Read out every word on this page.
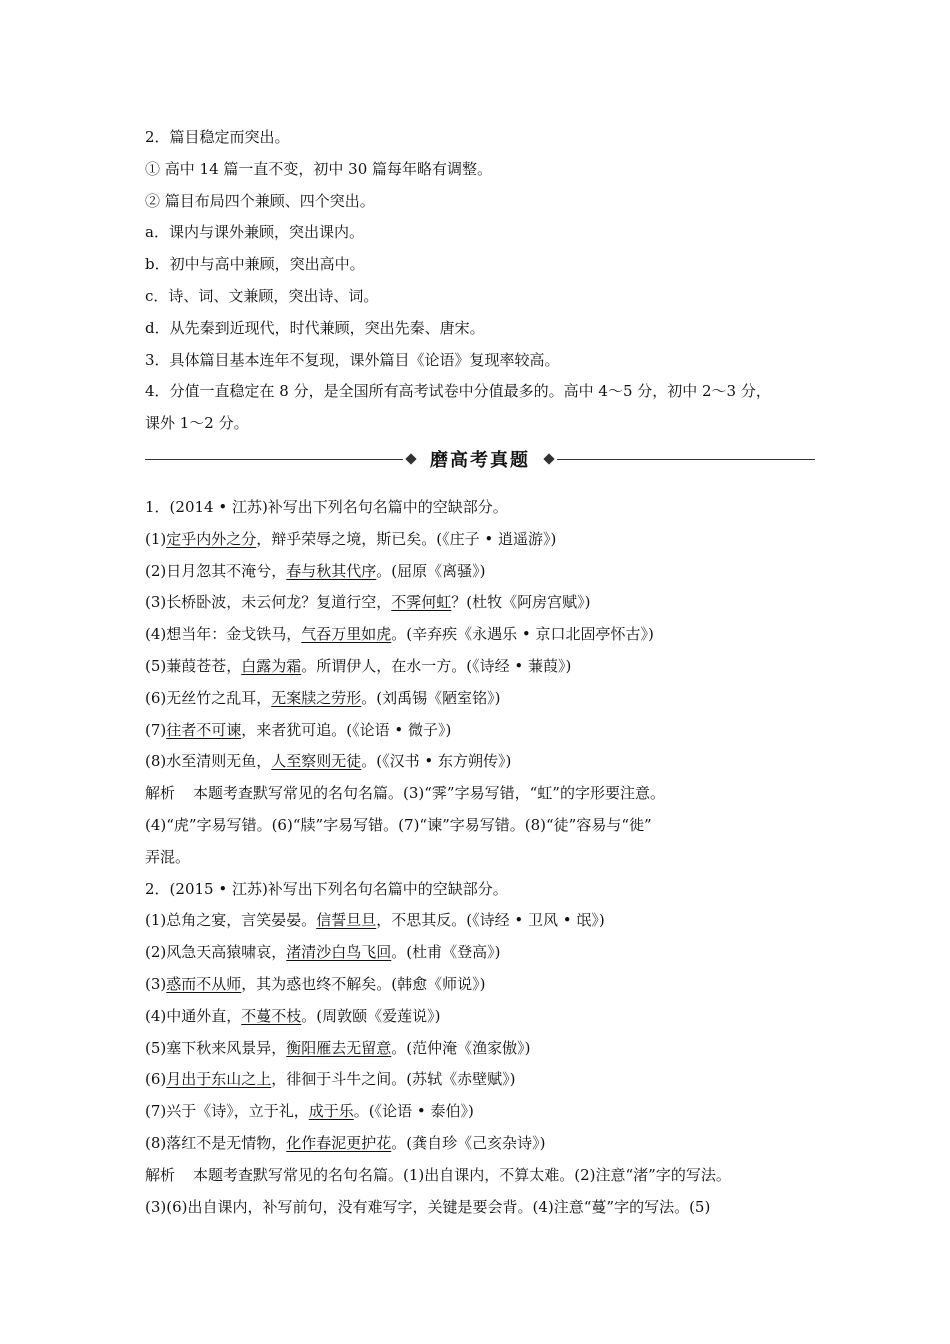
2．篇目稳定而突出。
① 高中 14 篇一直不变，初中 30 篇每年略有调整。
② 篇目布局四个兼顾、四个突出。
a．课内与课外兼顾，突出课内。
b．初中与高中兼顾，突出高中。
c．诗、词、文兼顾，突出诗、词。
d．从先秦到近现代，时代兼顾，突出先秦、唐宋。
3．具体篇目基本连年不复现，课外篇目《论语》复现率较高。
4．分值一直稳定在 8 分，是全国所有高考试卷中分值最多的。高中 4～5 分，初中 2～3 分，
课外 1～2 分。
磨高考真题
1．(2014 • 江苏)补写出下列名句名篇中的空缺部分。
(1)定乎内外之分，辩乎荣辱之境，斯已矣。(《庄子 • 逍遥游》)
(2)日月忽其不淹兮，春与秋其代序。(屈原《离骚》)
(3)长桥卧波，未云何龙？复道行空，不霁何虹？(杜牧《阿房宫赋》)
(4)想当年：金戈铁马，气吞万里如虎。(辛弃疾《永遇乐 • 京口北固亭怀古》)
(5)蒹葭苍苍，白露为霜。所谓伊人，在水一方。(《诗经 • 蒹葭》)
(6)无丝竹之乱耳，无案牍之劳形。(刘禹锡《陋室铭》)
(7)往者不可谏，来者犹可追。(《论语 • 微子》)
(8)水至清则无鱼，人至察则无徒。(《汉书 • 东方朔传》)
解析 本题考查默写常见的名句名篇。(3)“霁”字易写错，“虹”的字形要注意。
(4)“虎”字易写错。(6)“牍”字易写错。(7)“谏”字易写错。(8)“徒”容易与“徙”
弄混。
2．(2015 • 江苏)补写出下列名句名篇中的空缺部分。
(1)总角之宴，言笑晏晏。信誓旦旦，不思其反。(《诗经 • 卫风 • 氓》)
(2)风急天高猿啸哀，渚清沙白鸟飞回。(杜甫《登高》)
(3)惑而不从师，其为惑也终不解矣。(韩愈《师说》)
(4)中通外直，不蔓不枝。(周敦颐《爱莲说》)
(5)塞下秋来风景异，衡阳雁去无留意。(范仲淹《渔家傲》)
(6)月出于东山之上，徘徊于斗牛之间。(苏轼《赤壁赋》)
(7)兴于《诗》，立于礼，成于乐。(《论语 • 泰伯》)
(8)落红不是无情物，化作春泥更护花。(龚自珍《己亥杂诗》)
解析 本题考查默写常见的名句名篇。(1)出自课内，不算太难。(2)注意“渚”字的写法。
(3)(6)出自课内，补写前句，没有难写字，关键是要会背。(4)注意“蔓”字的写法。(5)
